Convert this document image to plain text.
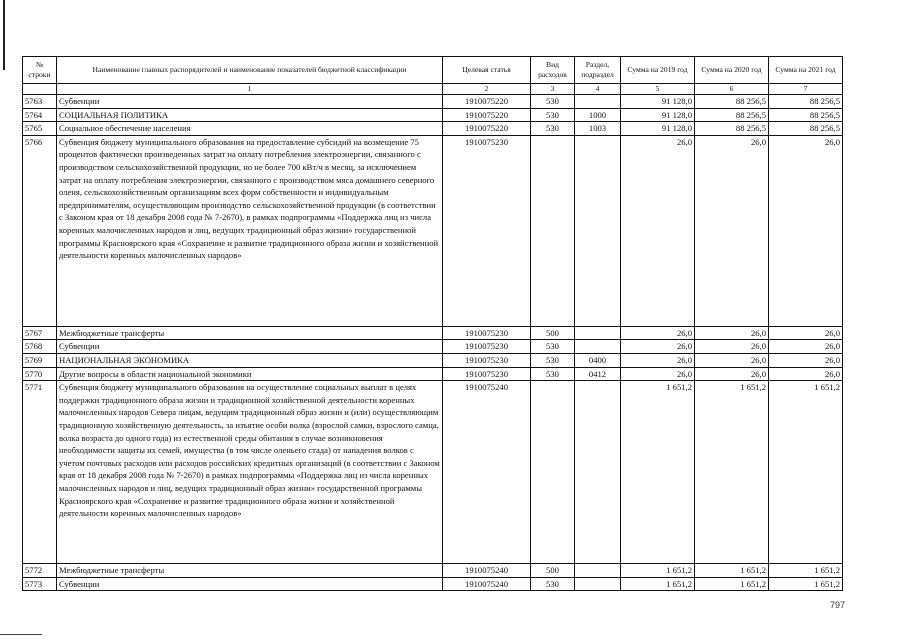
№ строки	Наименование главных распорядителей и наименование показателей бюджетной классификации	Целевая статья	Вид расходов	Раздел, подраздел	Сумма на 2019 год	Сумма на 2020 год	Сумма на 2021 год
	1	2	3	4	5	6	7
5763	Субвенции	1910075220	530		91 128,0	88 256,5	88 256,5
5764	СОЦИАЛЬНАЯ ПОЛИТИКА	1910075220	530	1000	91 128,0	88 256,5	88 256,5
5765	Социальное обеспечение населения	1910075220	530	1003	91 128,0	88 256,5	88 256,5
5766	Субвенция бюджету муниципального образования на предоставление субсидий на возмещение 75 процентов фактически произведенных затрат на оплату потребления электроэнергии, связанного с производством сельскохозяйственной продукции, но не более 700 кВт/ч в месяц, за исключением затрат на оплату потребления электроэнергии, связанного с производством мяса домашнего северного оленя, сельскохозяйственным организациям всех форм собственности и индивидуальным предпринимателям, осуществляющим производство сельскохозяйственной продукции (в соответствии с Законом края от 18 декабря 2008 года № 7-2670), в рамках подпрограммы «Поддержка лиц из числа коренных малочисленных народов и лиц, ведущих традиционный образ жизни» государственной программы Красноярского края «Сохранение и развитие традиционного образа жизни и хозяйственной деятельности коренных малочисленных народов»	1910075230			26,0	26,0	26,0
5767	Межбюджетные трансферты	1910075230	500		26,0	26,0	26,0
5768	Субвенции	1910075230	530		26,0	26,0	26,0
5769	НАЦИОНАЛЬНАЯ ЭКОНОМИКА	1910075230	530	0400	26,0	26,0	26,0
5770	Другие вопросы в области национальной экономики	1910075230	530	0412	26,0	26,0	26,0
5771	Субвенция бюджету муниципального образования на осуществление социальных выплат в целях поддержки традиционного образа жизни и традиционной хозяйственной деятельности коренных малочисленных народов Севера лицам, ведущим традиционный образ жизни и (или) осуществляющим традиционную хозяйственную деятельность, за изъятие особи волка (взрослой самки, взрослого самца, волка возраста до одного года) из естественной среды обитания в случае возникновения необходимости защиты их семей, имущества (в том числе оленьего стада) от нападения волков с учетом почтовых расходов или расходов российских кредитных организаций (в соответствии с Законом края от 18 декабря 2008 года № 7-2670) в рамках подпрограммы «Поддержка лиц из числа коренных малочисленных народов и лиц, ведущих традиционный образ жизни» государственной программы Красноярского края «Сохранение и развитие традиционного образа жизни и хозяйственной деятельности коренных малочисленных народов»	1910075240			1 651,2	1 651,2	1 651,2
5772	Межбюджетные трансферты	1910075240	500		1 651,2	1 651,2	1 651,2
5773	Субвенции	1910075240	530		1 651,2	1 651,2	1 651,2
797
